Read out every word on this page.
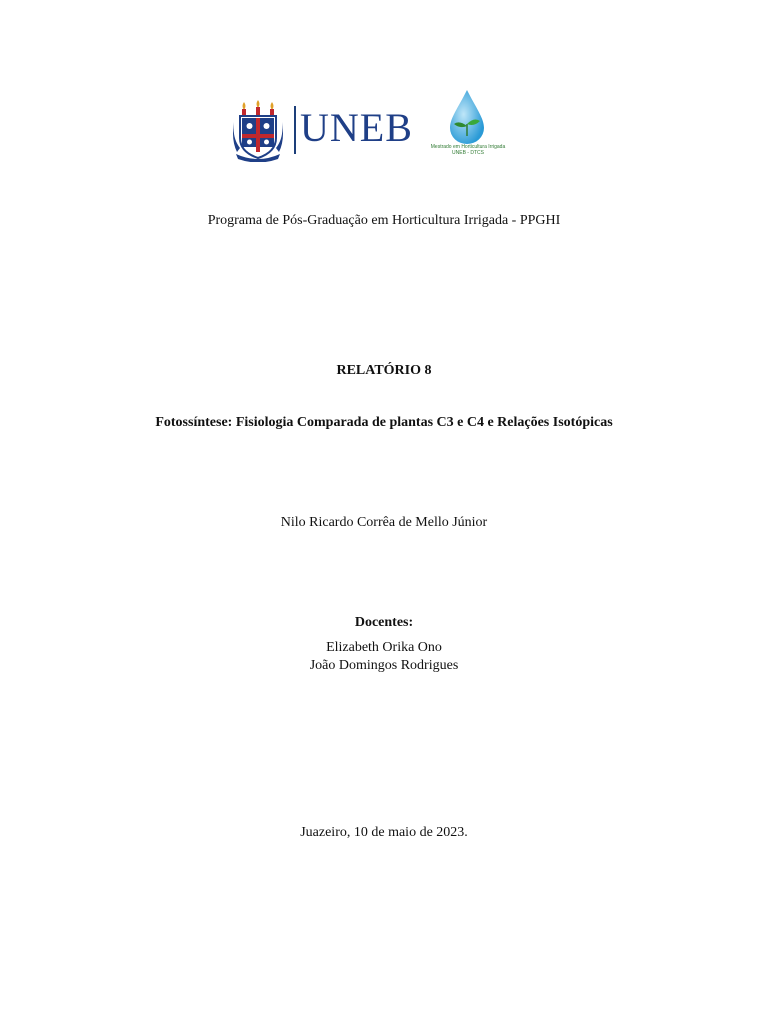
UNEB	Mestrado em Horticultura Irrigada
UNEB - DTCS
Programa de Pós-Graduação em Horticultura Irrigada - PPGHI
RELATÓRIO 8
Fotossíntese: Fisiologia Comparada de plantas C3 e C4 e Relações Isotópicas
Nilo Ricardo Corrêa de Mello Júnior
Docentes:
Elizabeth Orika Ono
João Domingos Rodrigues
Juazeiro, 10 de maio de 2023.
